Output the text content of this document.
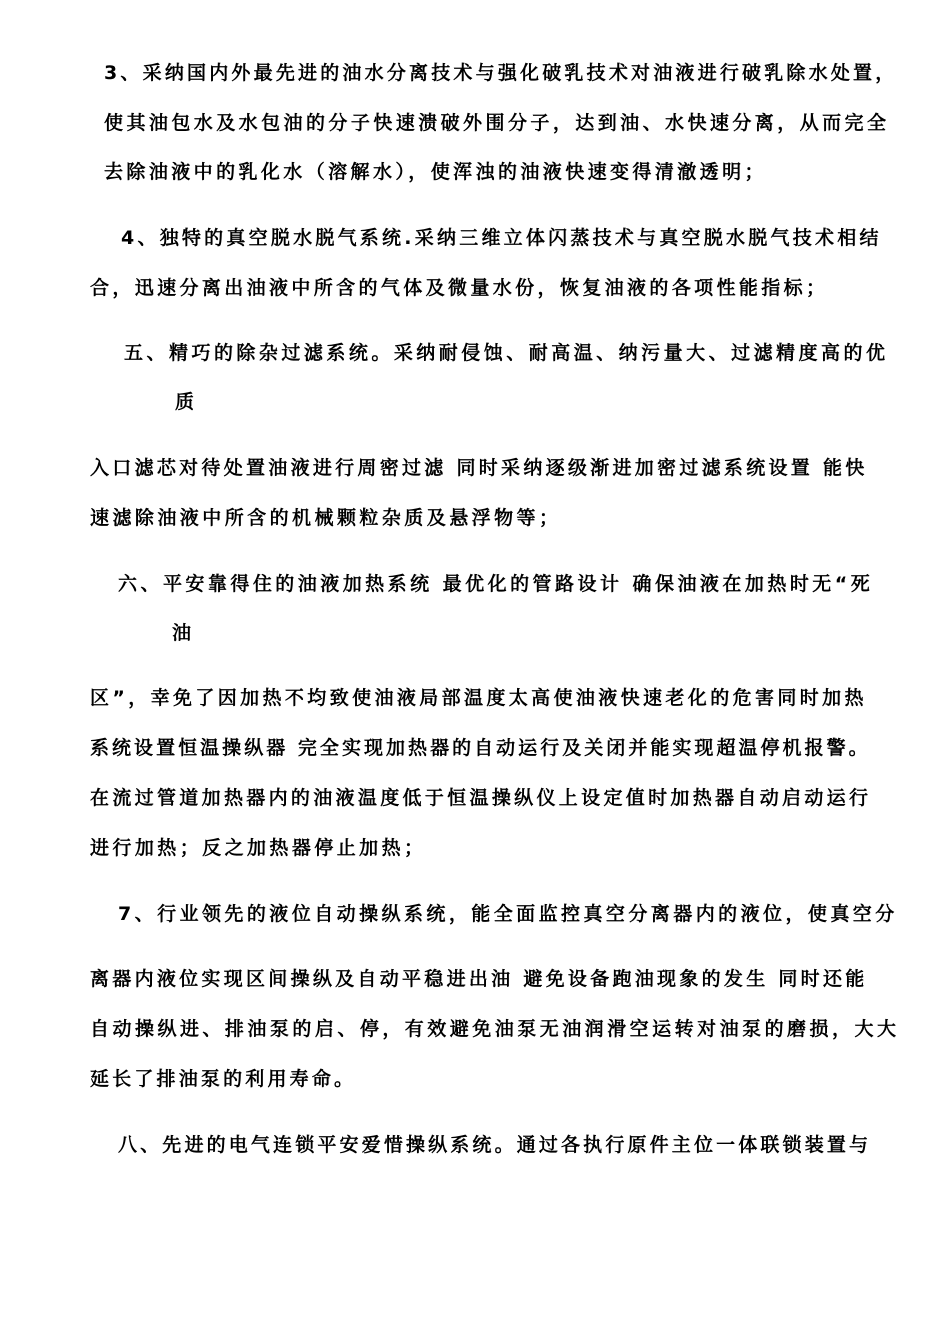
3、采纳国内外最先进的油水分离技术与强化破乳技术对油液进行破乳除水处置，
使其油包水及水包油的分子快速溃破外围分子，达到油、水快速分离，从而完全
去除油液中的乳化水（溶解水），使浑浊的油液快速变得清澈透明；
4、独特的真空脱水脱气系统.采纳三维立体闪蒸技术与真空脱水脱气技术相结
合，迅速分离出油液中所含的气体及微量水份，恢复油液的各项性能指标；
五、精巧的除杂过滤系统。采纳耐侵蚀、耐高温、纳污量大、过滤精度高的优
质
入口滤芯对待处置油液进行周密过滤 同时采纳逐级渐进加密过滤系统设置 能快
速滤除油液中所含的机械颗粒杂质及悬浮物等；
六、平安靠得住的油液加热系统 最优化的管路设计 确保油液在加热时无“死
油
区”，幸免了因加热不均致使油液局部温度太高使油液快速老化的危害同时加热
系统设置恒温操纵器 完全实现加热器的自动运行及关闭并能实现超温停机报警。
在流过管道加热器内的油液温度低于恒温操纵仪上设定值时加热器自动启动运行
进行加热；反之加热器停止加热；
7、行业领先的液位自动操纵系统，能全面监控真空分离器内的液位，使真空分
离器内液位实现区间操纵及自动平稳进出油 避免设备跑油现象的发生 同时还能
自动操纵进、排油泵的启、停，有效避免油泵无油润滑空运转对油泵的磨损，大大
延长了排油泵的利用寿命。
八、先进的电气连锁平安爱惜操纵系统。通过各执行原件主位一体联锁装置与
